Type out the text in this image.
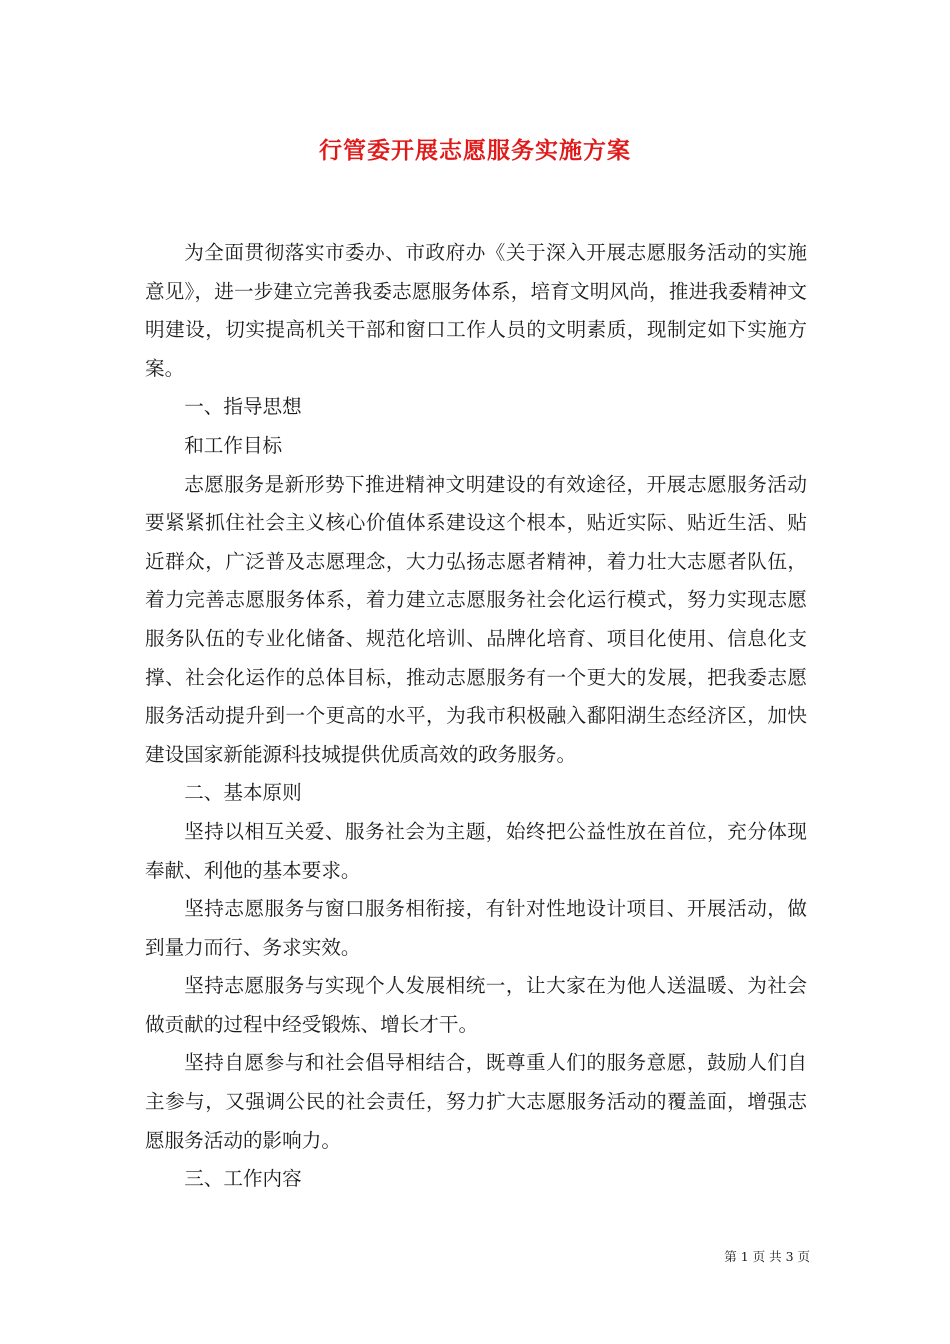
行管委开展志愿服务实施方案

为全面贯彻落实市委办、市政府办《关于深入开展志愿服务活动的实施意见》，进一步建立完善我委志愿服务体系，培育文明风尚，推进我委精神文明建设，切实提高机关干部和窗口工作人员的文明素质，现制定如下实施方案。

一、指导思想

和工作目标

志愿服务是新形势下推进精神文明建设的有效途径，开展志愿服务活动要紧紧抓住社会主义核心价值体系建设这个根本，贴近实际、贴近生活、贴近群众，广泛普及志愿理念，大力弘扬志愿者精神，着力壮大志愿者队伍，着力完善志愿服务体系，着力建立志愿服务社会化运行模式，努力实现志愿服务队伍的专业化储备、规范化培训、品牌化培育、项目化使用、信息化支撑、社会化运作的总体目标，推动志愿服务有一个更大的发展，把我委志愿服务活动提升到一个更高的水平，为我市积极融入鄱阳湖生态经济区，加快建设国家新能源科技城提供优质高效的政务服务。

二、基本原则

坚持以相互关爱、服务社会为主题，始终把公益性放在首位，充分体现奉献、利他的基本要求。

坚持志愿服务与窗口服务相衔接，有针对性地设计项目、开展活动，做到量力而行、务求实效。

坚持志愿服务与实现个人发展相统一，让大家在为他人送温暖、为社会做贡献的过程中经受锻炼、增长才干。

坚持自愿参与和社会倡导相结合，既尊重人们的服务意愿，鼓励人们自主参与，又强调公民的社会责任，努力扩大志愿服务活动的覆盖面，增强志愿服务活动的影响力。

三、工作内容

第 1 页 共 3 页
